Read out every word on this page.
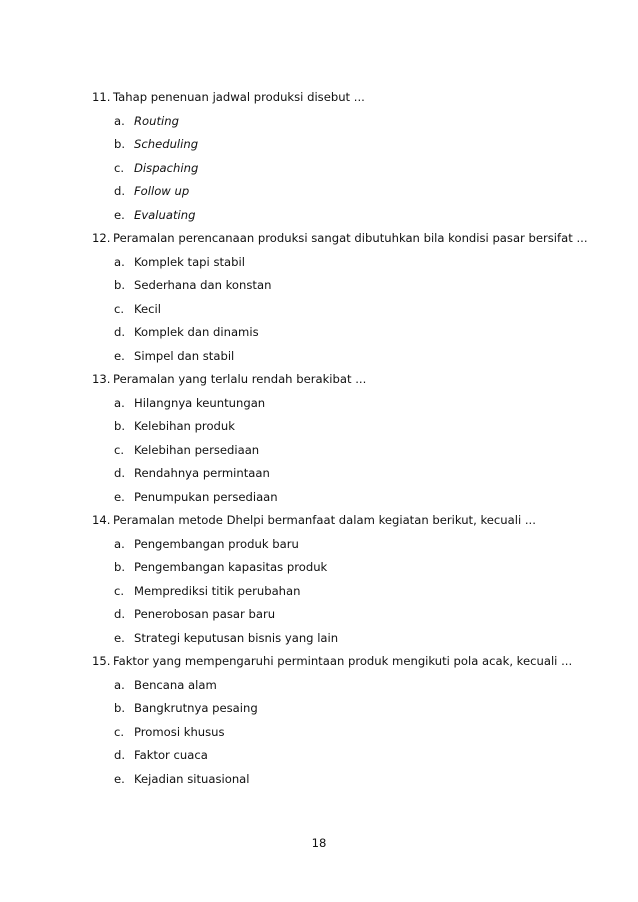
11. Tahap penenuan jadwal produksi disebut ...
a. Routing
b. Scheduling
c. Dispaching
d. Follow up
e. Evaluating
12. Peramalan perencanaan produksi sangat dibutuhkan bila kondisi pasar bersifat ...
a. Komplek tapi stabil
b. Sederhana dan konstan
c. Kecil
d. Komplek dan dinamis
e. Simpel dan stabil
13. Peramalan yang terlalu rendah berakibat ...
a. Hilangnya keuntungan
b. Kelebihan produk
c. Kelebihan persediaan
d. Rendahnya permintaan
e. Penumpukan persediaan
14. Peramalan metode Dhelpi bermanfaat dalam kegiatan berikut, kecuali ...
a. Pengembangan produk baru
b. Pengembangan kapasitas produk
c. Memprediksi titik perubahan
d. Penerobosan pasar baru
e. Strategi keputusan bisnis yang lain
15. Faktor yang mempengaruhi permintaan produk mengikuti pola acak, kecuali ...
a. Bencana alam
b. Bangkrutnya pesaing
c. Promosi khusus
d. Faktor cuaca
e. Kejadian situasional
18
